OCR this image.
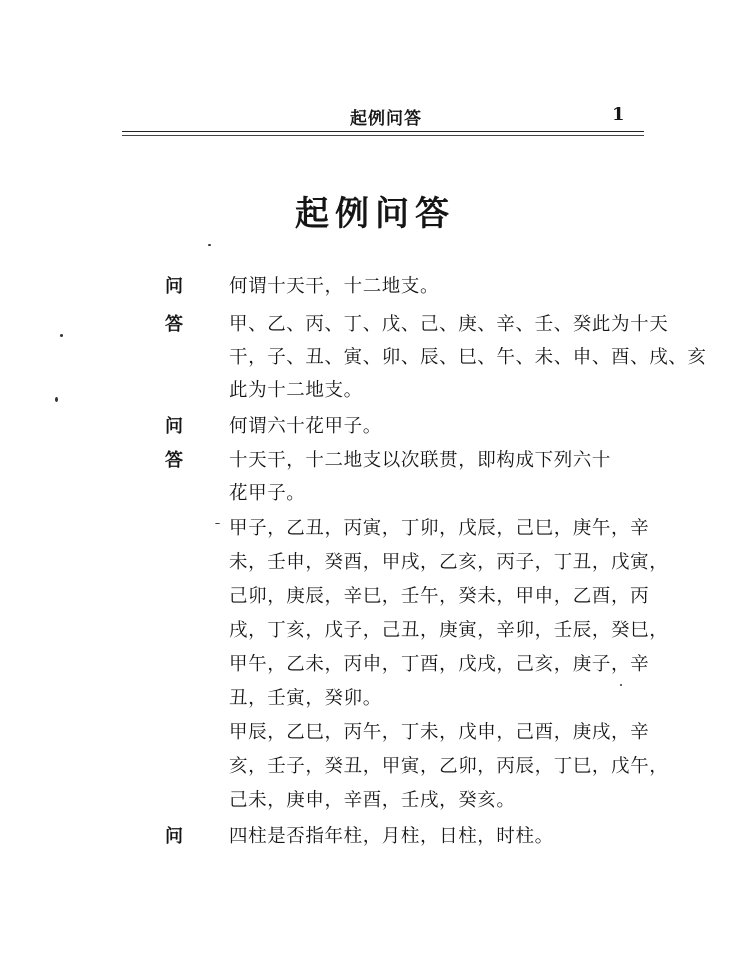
起例问答	1
起例问答
问 何谓十天干，十二地支。
答 甲、乙、丙、丁、戊、己、庚、辛、壬、癸此为十天
干，子、丑、寅、卯、辰、巳、午、未、申、酉、戌、亥
此为十二地支。
问 何谓六十花甲子。
答 十天干，十二地支以次联贯，即构成下列六十
花甲子。
甲子，乙丑，丙寅，丁卯，戊辰，己巳，庚午，辛
未，壬申，癸酉，甲戌，乙亥，丙子，丁丑，戊寅，
己卯，庚辰，辛巳，壬午，癸未，甲申，乙酉，丙
戌，丁亥，戊子，己丑，庚寅，辛卯，壬辰，癸巳，
甲午，乙未，丙申，丁酉，戊戌，己亥，庚子，辛
丑，壬寅，癸卯。
甲辰，乙巳，丙午，丁未，戊申，己酉，庚戌，辛
亥，壬子，癸丑，甲寅，乙卯，丙辰，丁巳，戊午，
己未，庚申，辛酉，壬戌，癸亥。
问 四柱是否指年柱，月柱，日柱，时柱。
